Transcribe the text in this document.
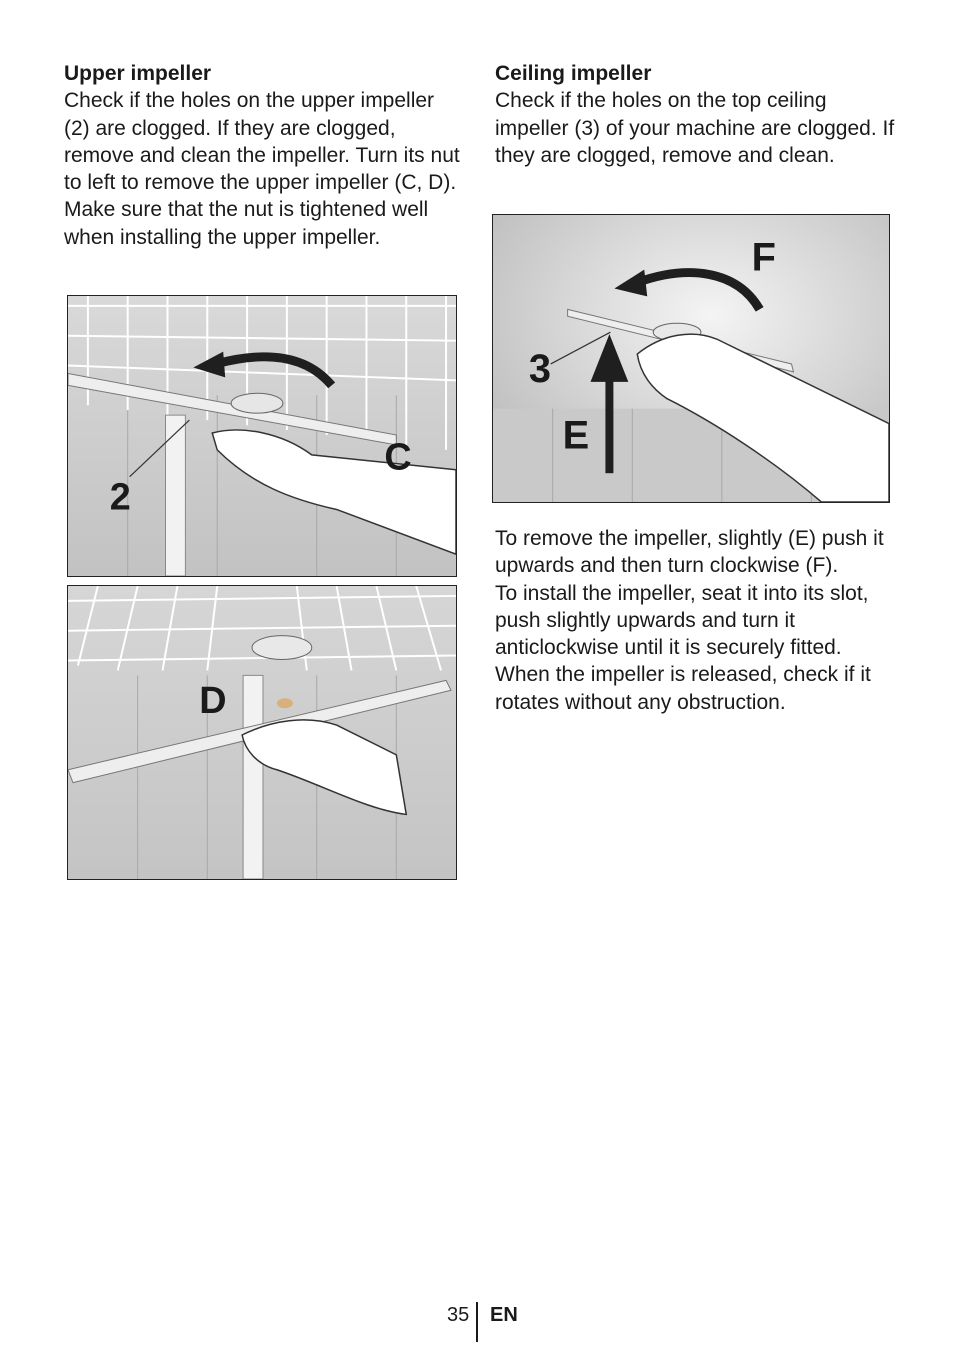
Upper impeller
Check if the holes on the upper impeller (2) are clogged. If they are clogged, remove and clean the impeller. Turn its nut to left to remove the upper impeller (C, D).
Make sure that the nut is tightened well when installing the upper impeller.
Ceiling impeller
Check if the holes on the top ceiling impeller (3) of your machine are clogged. If they are clogged, remove and clean.
2
C
D
F
3
E
To remove the impeller, slightly (E) push it upwards and then turn clockwise (F).
To install the impeller, seat it into its slot, push slightly upwards and turn it anticlockwise until it is securely fitted.
When the impeller is released, check if it rotates without any obstruction.
35 EN
